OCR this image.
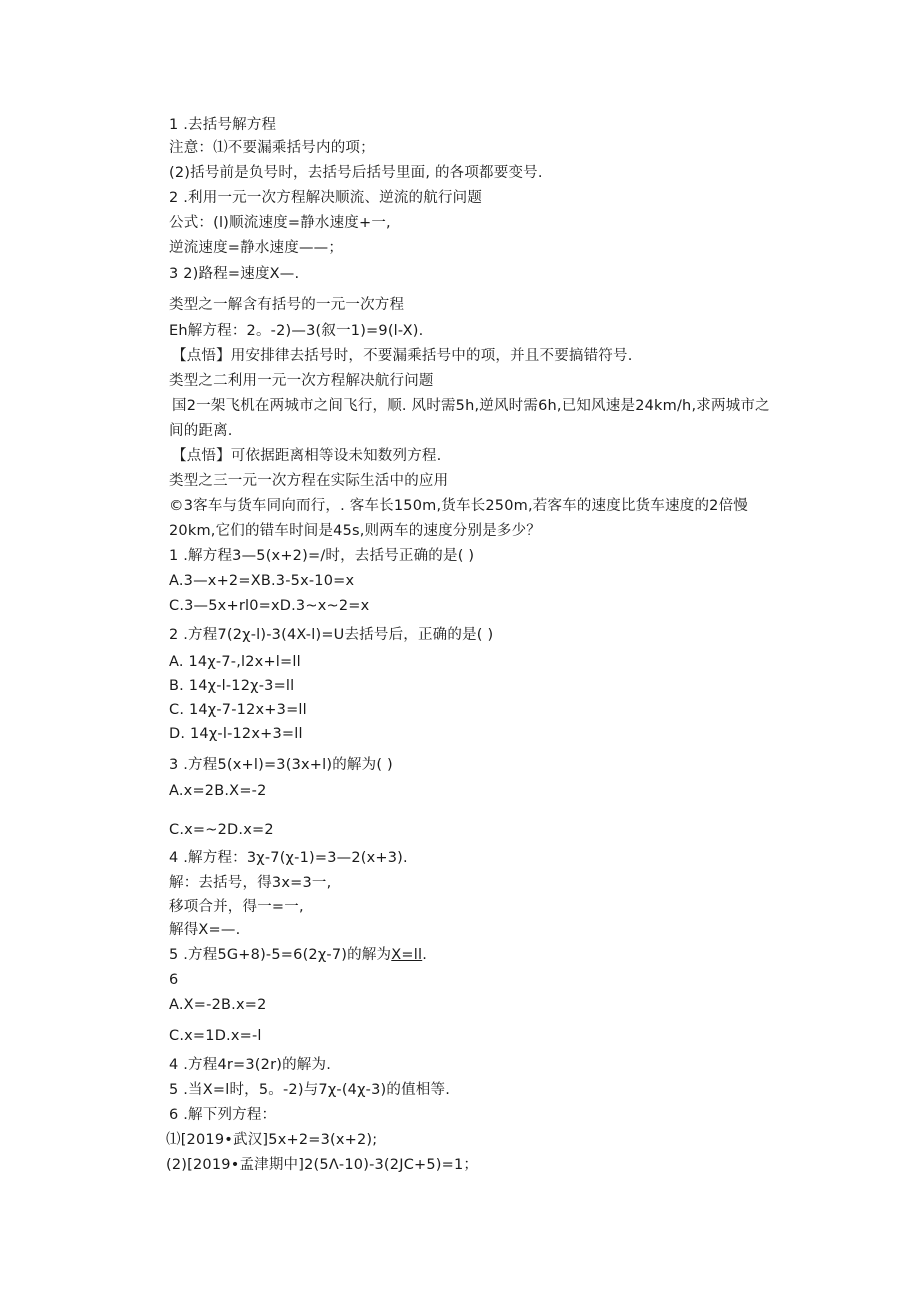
1 .去括号解方程
注意：⑴不要漏乘括号内的项；
(2)括号前是负号时，去括号后括号里面, 的各项都要变号.
2 .利用一元一次方程解决顺流、逆流的航行问题
公式：(l)顺流速度=静水速度+一,
逆流速度=静水速度——；
3 2)路程=速度X—.
类型之一解含有括号的一元一次方程
Eh解方程：2。-2)—3(叙一1)=9(l-X).
【点悟】用安排律去括号时，不要漏乘括号中的项，并且不要搞错符号.
类型之二利用一元一次方程解决航行问题
国2一架飞机在两城市之间飞行，顺. 风时需5h,逆风时需6h,已知风速是24km/h,求两城市之
间的距离.
【点悟】可依据距离相等设未知数列方程.
类型之三一元一次方程在实际生活中的应用
©3客车与货车同向而行，. 客车长150m,货车长250m,若客车的速度比货车速度的2倍慢
20km,它们的错车时间是45s,则两车的速度分别是多少？
1 .解方程3—5(x+2)=/时，去括号正确的是( )
A.3—x+2=XB.3-5x-10=x
C.3—5x+rl0=xD.3~x~2=x
2 .方程7(2χ-l)-3(4X-l)=U去括号后，正确的是( )
A. 14χ-7-,l2x+l=ll
B. 14χ-l-12χ-3=ll
C. 14χ-7-12x+3=ll
D. 14χ-l-12x+3=ll
3 .方程5(x+l)=3(3x+l)的解为( )
A.x=2B.X=-2
C.x=~2D.x=2
4 .解方程：3χ-7(χ-1)=3—2(x+3).
解：去括号，得3x=3一,
移项合并，得一=一,
解得X=—.
5 .方程5G+8)-5=6(2χ-7)的解为X=ll.
6
A.X=-2B.x=2
C.x=1D.x=-l
4 .方程4r=3(2r)的解为.
5 .当X=l时，5。-2)与7χ-(4χ-3)的值相等.
6 .解下列方程：
⑴[2019•武汉]5x+2=3(x+2);
(2)[2019•孟津期中]2(5Λ-10)-3(2JC+5)=1；
